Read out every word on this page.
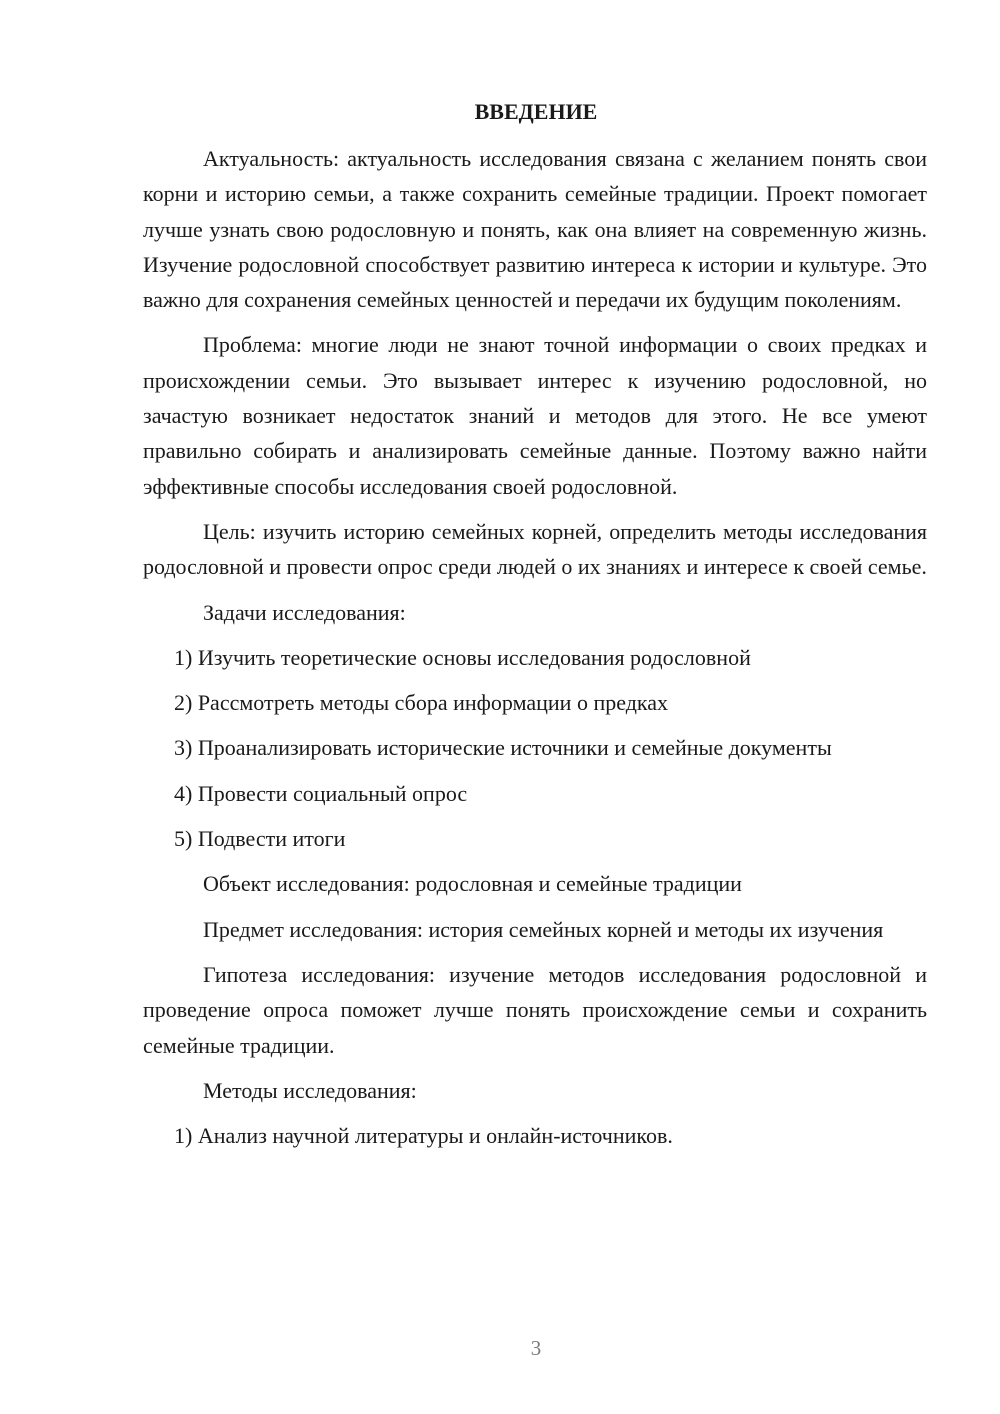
ВВЕДЕНИЕ

Актуальность: актуальность исследования связана с желанием понять свои корни и историю семьи, а также сохранить семейные традиции. Проект помогает лучше узнать свою родословную и понять, как она влияет на современную жизнь. Изучение родословной способствует развитию интереса к истории и культуре. Это важно для сохранения семейных ценностей и передачи их будущим поколениям.

Проблема: многие люди не знают точной информации о своих предках и происхождении семьи. Это вызывает интерес к изучению родословной, но зачастую возникает недостаток знаний и методов для этого. Не все умеют правильно собирать и анализировать семейные данные. Поэтому важно найти эффективные способы исследования своей родословной.

Цель: изучить историю семейных корней, определить методы исследования родословной и провести опрос среди людей о их знаниях и интересе к своей семье.

Задачи исследования:

1) Изучить теоретические основы исследования родословной

2) Рассмотреть методы сбора информации о предках

3) Проанализировать исторические источники и семейные документы

4) Провести социальный опрос

5) Подвести итоги

Объект исследования: родословная и семейные традиции

Предмет исследования: история семейных корней и методы их изучения

Гипотеза исследования: изучение методов исследования родословной и проведение опроса поможет лучше понять происхождение семьи и сохранить семейные традиции.

Методы исследования:

1) Анализ научной литературы и онлайн-источников.

3
